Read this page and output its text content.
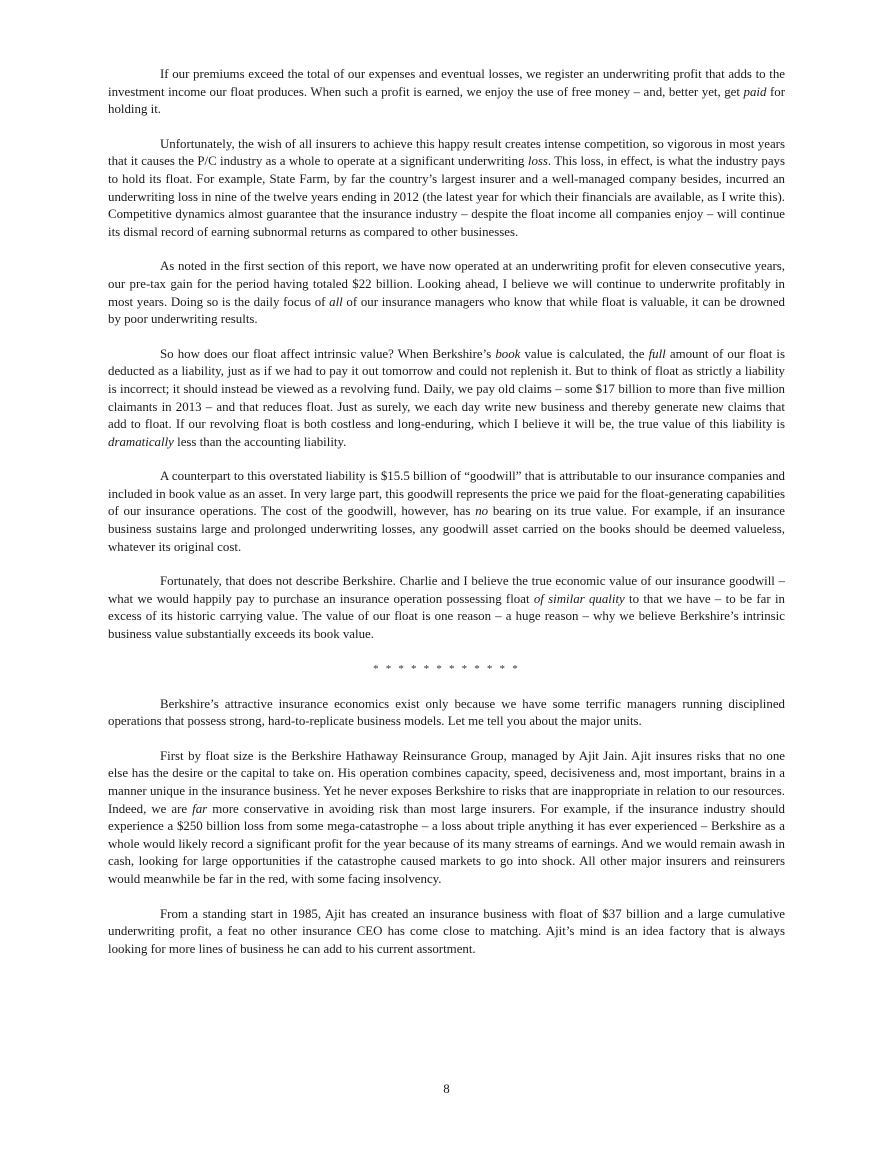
If our premiums exceed the total of our expenses and eventual losses, we register an underwriting profit that adds to the investment income our float produces. When such a profit is earned, we enjoy the use of free money – and, better yet, get paid for holding it.

Unfortunately, the wish of all insurers to achieve this happy result creates intense competition, so vigorous in most years that it causes the P/C industry as a whole to operate at a significant underwriting loss. This loss, in effect, is what the industry pays to hold its float. For example, State Farm, by far the country’s largest insurer and a well-managed company besides, incurred an underwriting loss in nine of the twelve years ending in 2012 (the latest year for which their financials are available, as I write this). Competitive dynamics almost guarantee that the insurance industry – despite the float income all companies enjoy – will continue its dismal record of earning subnormal returns as compared to other businesses.

As noted in the first section of this report, we have now operated at an underwriting profit for eleven consecutive years, our pre-tax gain for the period having totaled $22 billion. Looking ahead, I believe we will continue to underwrite profitably in most years. Doing so is the daily focus of all of our insurance managers who know that while float is valuable, it can be drowned by poor underwriting results.

So how does our float affect intrinsic value? When Berkshire’s book value is calculated, the full amount of our float is deducted as a liability, just as if we had to pay it out tomorrow and could not replenish it. But to think of float as strictly a liability is incorrect; it should instead be viewed as a revolving fund. Daily, we pay old claims – some $17 billion to more than five million claimants in 2013 – and that reduces float. Just as surely, we each day write new business and thereby generate new claims that add to float. If our revolving float is both costless and long-enduring, which I believe it will be, the true value of this liability is dramatically less than the accounting liability.

A counterpart to this overstated liability is $15.5 billion of “goodwill” that is attributable to our insurance companies and included in book value as an asset. In very large part, this goodwill represents the price we paid for the float-generating capabilities of our insurance operations. The cost of the goodwill, however, has no bearing on its true value. For example, if an insurance business sustains large and prolonged underwriting losses, any goodwill asset carried on the books should be deemed valueless, whatever its original cost.

Fortunately, that does not describe Berkshire. Charlie and I believe the true economic value of our insurance goodwill – what we would happily pay to purchase an insurance operation possessing float of similar quality to that we have – to be far in excess of its historic carrying value. The value of our float is one reason – a huge reason – why we believe Berkshire’s intrinsic business value substantially exceeds its book value.

* * * * * * * * * * * *

Berkshire’s attractive insurance economics exist only because we have some terrific managers running disciplined operations that possess strong, hard-to-replicate business models. Let me tell you about the major units.

First by float size is the Berkshire Hathaway Reinsurance Group, managed by Ajit Jain. Ajit insures risks that no one else has the desire or the capital to take on. His operation combines capacity, speed, decisiveness and, most important, brains in a manner unique in the insurance business. Yet he never exposes Berkshire to risks that are inappropriate in relation to our resources. Indeed, we are far more conservative in avoiding risk than most large insurers. For example, if the insurance industry should experience a $250 billion loss from some mega-catastrophe – a loss about triple anything it has ever experienced – Berkshire as a whole would likely record a significant profit for the year because of its many streams of earnings. And we would remain awash in cash, looking for large opportunities if the catastrophe caused markets to go into shock. All other major insurers and reinsurers would meanwhile be far in the red, with some facing insolvency.

From a standing start in 1985, Ajit has created an insurance business with float of $37 billion and a large cumulative underwriting profit, a feat no other insurance CEO has come close to matching. Ajit’s mind is an idea factory that is always looking for more lines of business he can add to his current assortment.

8
